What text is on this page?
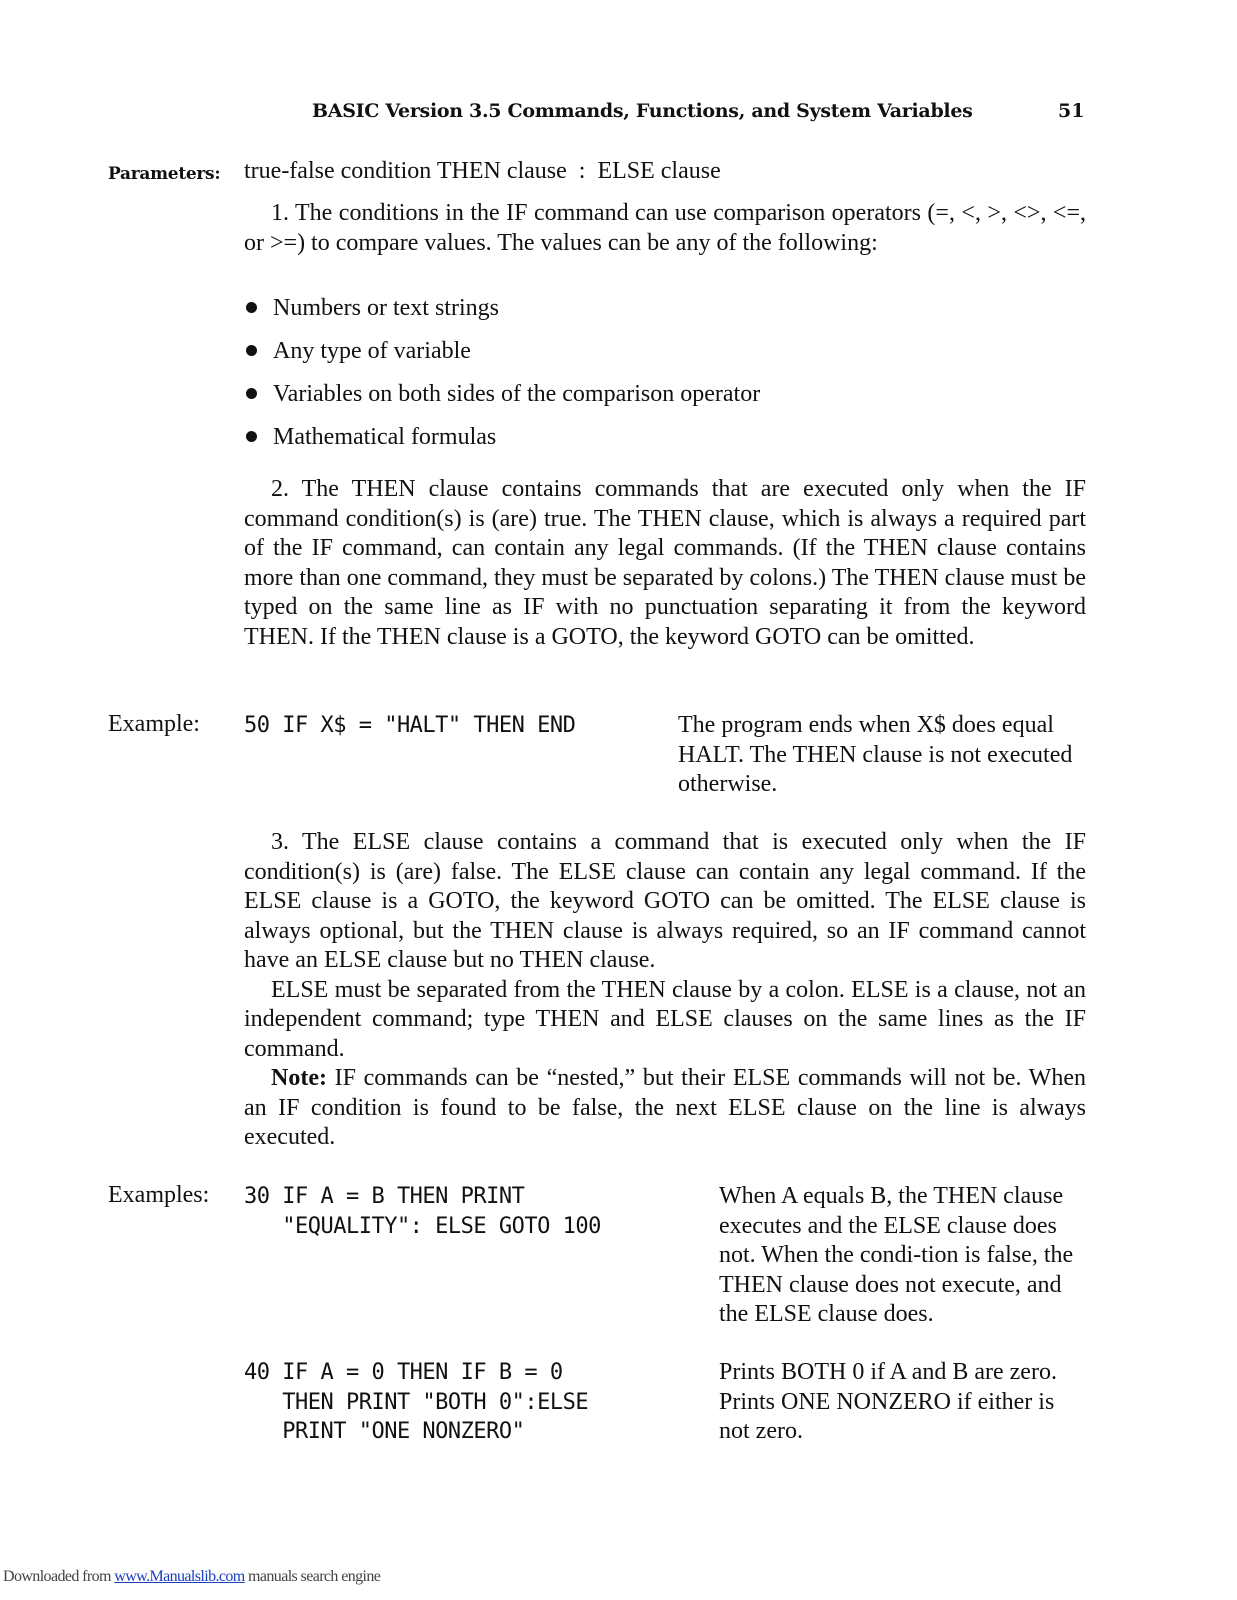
BASIC Version 3.5 Commands, Functions, and System Variables	51
Parameters: true-false condition THEN clause  :  ELSE clause

1. The conditions in the IF command can use comparison operators (=, <, >, <>, <=, or >=) to compare values. The values can be any of the following:

Numbers or text strings
Any type of variable
Variables on both sides of the comparison operator
Mathematical formulas

2. The THEN clause contains commands that are executed only when the IF command condition(s) is (are) true. The THEN clause, which is always a required part of the IF command, can contain any legal commands. (If the THEN clause contains more than one command, they must be separated by colons.) The THEN clause must be typed on the same line as IF with no punctuation separating it from the keyword THEN. If the THEN clause is a GOTO, the keyword GOTO can be omitted.

Example: 50 IF X$ = "HALT" THEN END	The program ends when X$ does equal HALT. The THEN clause is not executed otherwise.

3. The ELSE clause contains a command that is executed only when the IF condition(s) is (are) false. The ELSE clause can contain any legal command. If the ELSE clause is a GOTO, the keyword GOTO can be omitted. The ELSE clause is always optional, but the THEN clause is always required, so an IF command cannot have an ELSE clause but no THEN clause.

ELSE must be separated from the THEN clause by a colon. ELSE is a clause, not an independent command; type THEN and ELSE clauses on the same lines as the IF command.

Note: IF commands can be “nested,” but their ELSE commands will not be. When an IF condition is found to be false, the next ELSE clause on the line is always executed.

Examples: 30 IF A = B THEN PRINT
"EQUALITY": ELSE GOTO 100
When A equals B, the THEN clause executes and the ELSE clause does not. When the condi-tion is false, the THEN clause does not execute, and the ELSE clause does.
40 IF A = 0 THEN IF B = 0
THEN PRINT "BOTH 0":ELSE
PRINT "ONE NONZERO"
Prints BOTH 0 if A and B are zero. Prints ONE NONZERO if either is not zero.
Downloaded from www.Manualslib.com manuals search engine
